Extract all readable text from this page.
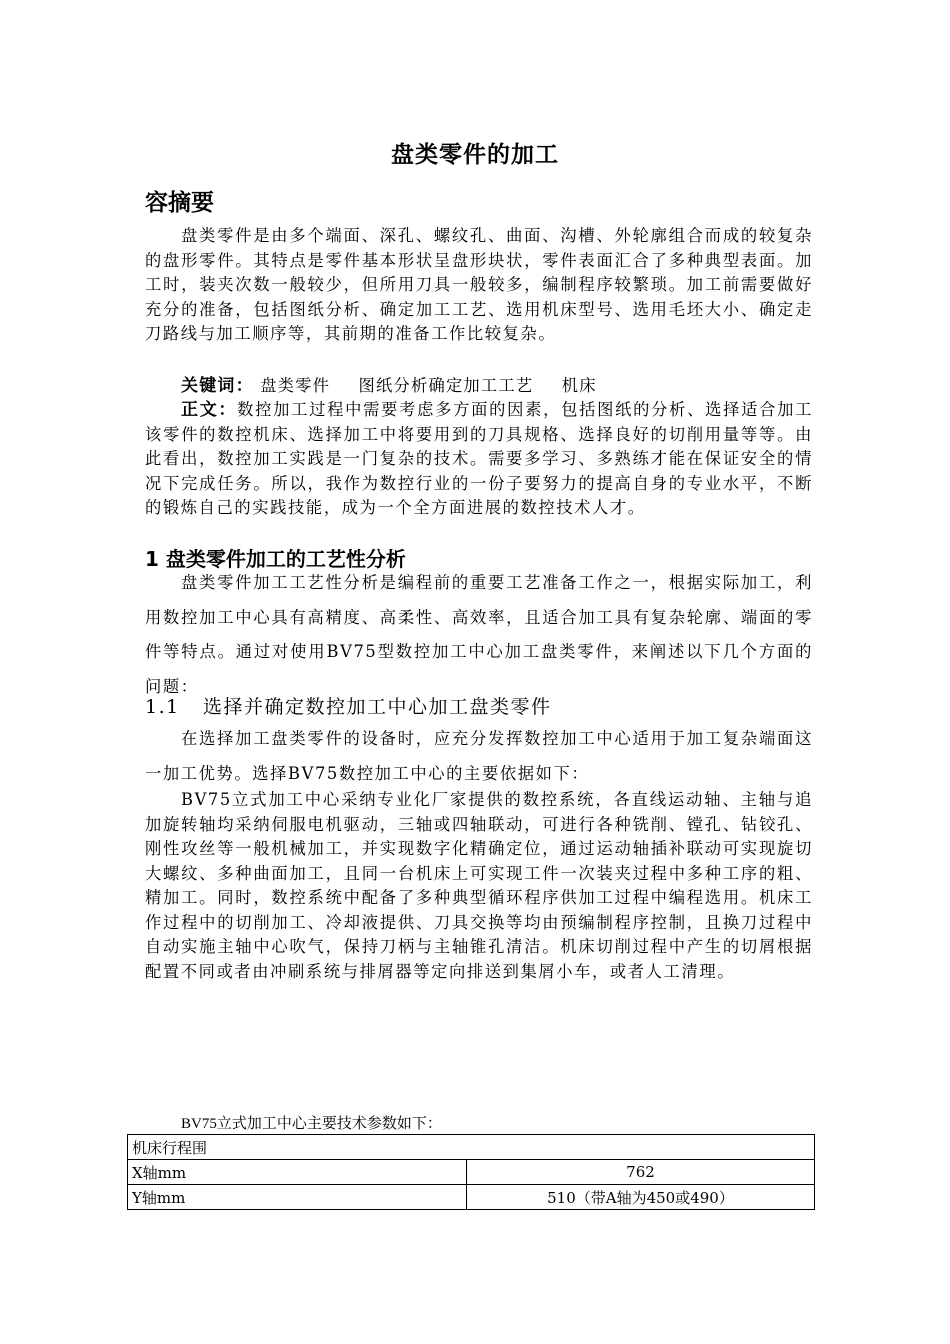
盘类零件的加工
容摘要

盘类零件是由多个端面、深孔、螺纹孔、曲面、沟槽、外轮廓组合而成的较复杂的盘形零件。其特点是零件基本形状呈盘形块状，零件表面汇合了多种典型表面。加工时，装夹次数一般较少，但所用刀具一般较多，编制程序较繁琐。加工前需要做好充分的准备，包括图纸分析、确定加工工艺、选用机床型号、选用毛坯大小、确定走刀路线与加工顺序等，其前期的准备工作比较复杂。

关键词： 盘类零件 图纸分析确定加工工艺 机床

正文：数控加工过程中需要考虑多方面的因素，包括图纸的分析、选择适合加工该零件的数控机床、选择加工中将要用到的刀具规格、选择良好的切削用量等等。由此看出，数控加工实践是一门复杂的技术。需要多学习、多熟练才能在保证安全的情况下完成任务。所以，我作为数控行业的一份子要努力的提高自身的专业水平，不断的锻炼自己的实践技能，成为一个全方面进展的数控技术人才。

1 盘类零件加工的工艺性分析

盘类零件加工工艺性分析是编程前的重要工艺准备工作之一，根据实际加工，利用数控加工中心具有高精度、高柔性、高效率，且适合加工具有复杂轮廓、端面的零件等特点。通过对使用BV75型数控加工中心加工盘类零件，来阐述以下几个方面的问题：

1.1 选择并确定数控加工中心加工盘类零件

在选择加工盘类零件的设备时，应充分发挥数控加工中心适用于加工复杂端面这一加工优势。选择BV75数控加工中心的主要依据如下：

BV75立式加工中心采纳专业化厂家提供的数控系统，各直线运动轴、主轴与追加旋转轴均采纳伺服电机驱动，三轴或四轴联动，可进行各种铣削、镗孔、钻铰孔、刚性攻丝等一般机械加工，并实现数字化精确定位，通过运动轴插补联动可实现旋切大螺纹、多种曲面加工，且同一台机床上可实现工件一次装夹过程中多种工序的粗、精加工。同时，数控系统中配备了多种典型循环程序供加工过程中编程选用。机床工作过程中的切削加工、冷却液提供、刀具交换等均由预编制程序控制，且换刀过程中自动实施主轴中心吹气，保持刀柄与主轴锥孔清洁。机床切削过程中产生的切屑根据配置不同或者由冲刷系统与排屑器等定向排送到集屑小车，或者人工清理。

BV75立式加工中心主要技术参数如下：
机床行程围	
X轴mm	762
Y轴mm	510（带A轴为450或490）
